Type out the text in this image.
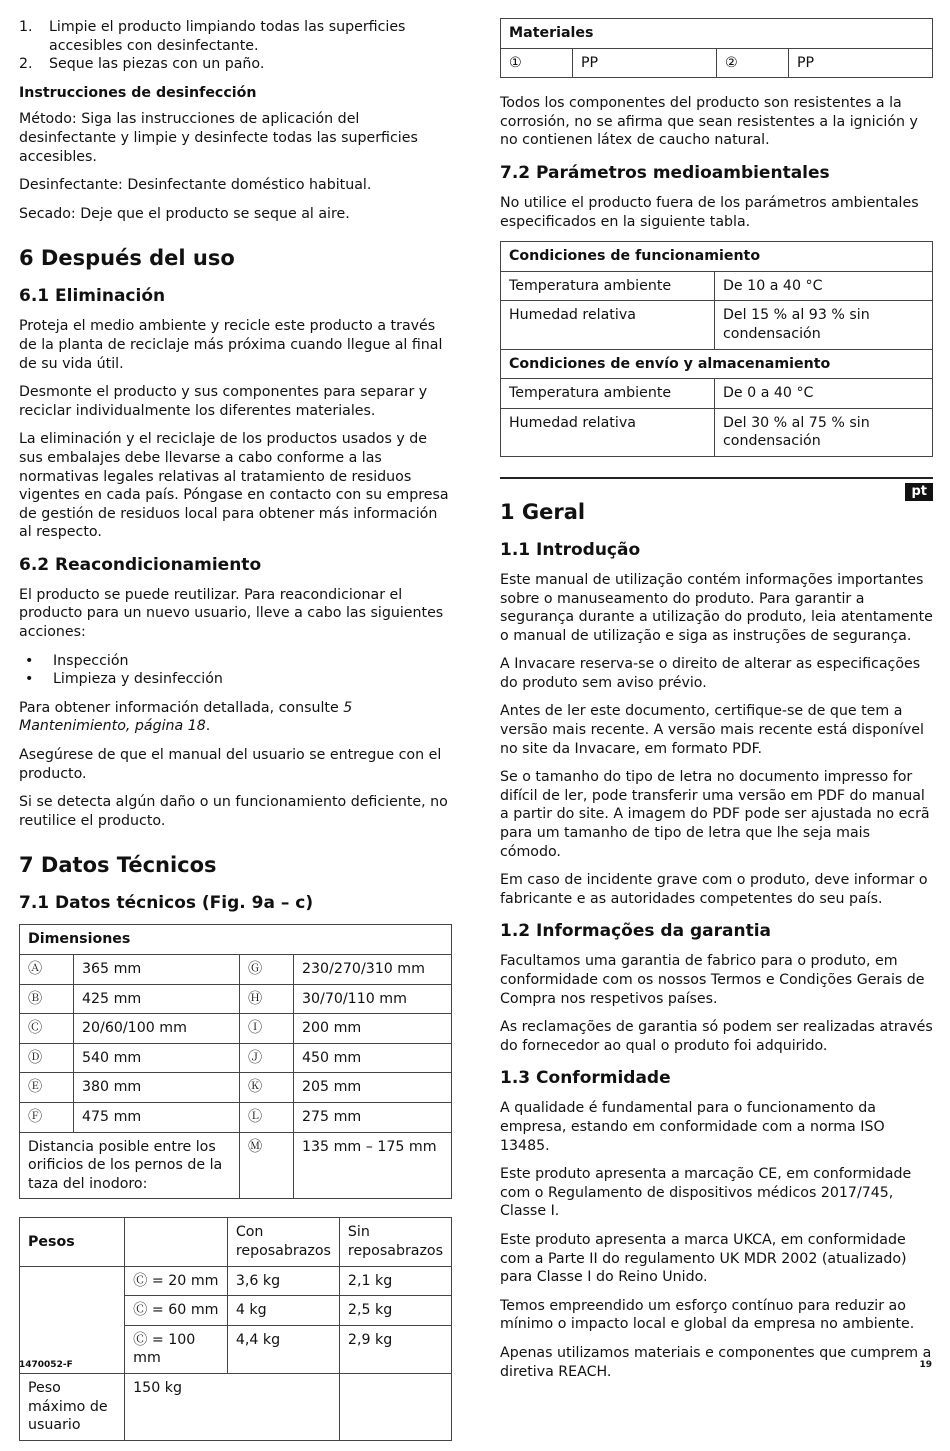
1.	Limpie el producto limpiando todas las superficies accesibles con desinfectante.
2.	Seque las piezas con un paño.
Instrucciones de desinfección

Método: Siga las instrucciones de aplicación del desinfectante y limpie y desinfecte todas las superficies accesibles.

Desinfectante: Desinfectante doméstico habitual.

Secado: Deje que el producto se seque al aire.

6 Después del uso
6.1 Eliminación

Proteja el medio ambiente y recicle este producto a través de la planta de reciclaje más próxima cuando llegue al final de su vida útil.

Desmonte el producto y sus componentes para separar y reciclar individualmente los diferentes materiales.

La eliminación y el reciclaje de los productos usados y de sus embalajes debe llevarse a cabo conforme a las normativas legales relativas al tratamiento de residuos vigentes en cada país. Póngase en contacto con su empresa de gestión de residuos local para obtener más información al respecto.

6.2 Reacondicionamiento

El producto se puede reutilizar. Para reacondicionar el producto para un nuevo usuario, lleve a cabo las siguientes acciones:

•	Inspección
•	Limpieza y desinfección

Para obtener información detallada, consulte 5 Mantenimiento, página 18.

Asegúrese de que el manual del usuario se entregue con el producto.

Si se detecta algún daño o un funcionamiento deficiente, no reutilice el producto.

7 Datos Técnicos
7.1 Datos técnicos (Fig. 9a – c)
Dimensiones			
Ⓐ	365 mm	Ⓖ	230/270/310 mm
Ⓑ	425 mm	Ⓗ	30/70/110 mm
Ⓒ	20/60/100 mm	Ⓘ	200 mm
Ⓓ	540 mm	Ⓙ	450 mm
Ⓔ	380 mm	Ⓚ	205 mm
Ⓕ	475 mm	Ⓛ	275 mm
Distancia posible entre los orificios de los pernos de la taza del inodoro:		Ⓜ	135 mm – 175 mm
Pesos		Con reposabrazos	Sin reposabrazos
	Ⓒ = 20 mm	3,6 kg	2,1 kg
	Ⓒ = 60 mm	4 kg	2,5 kg
	Ⓒ = 100 mm	4,4 kg	2,9 kg
Peso máximo de usuario	150 kg		
Materiales
①	PP	②	PP

Todos los componentes del producto son resistentes a la corrosión, no se afirma que sean resistentes a la ignición y no contienen látex de caucho natural.

7.2 Parámetros medioambientales

No utilice el producto fuera de los parámetros ambientales especificados en la siguiente tabla.

Condiciones de funcionamiento	
Temperatura ambiente	De 10 a 40 °C
Humedad relativa	Del 15 % al 93 % sin condensación
Condiciones de envío y almacenamiento	
Temperatura ambiente	De 0 a 40 °C
Humedad relativa	Del 30 % al 75 % sin condensación
pt
1 Geral
1.1 Introdução

Este manual de utilização contém informações importantes sobre o manuseamento do produto. Para garantir a segurança durante a utilização do produto, leia atentamente o manual de utilização e siga as instruções de segurança.

A Invacare reserva-se o direito de alterar as especificações do produto sem aviso prévio.

Antes de ler este documento, certifique-se de que tem a versão mais recente. A versão mais recente está disponível no site da Invacare, em formato PDF.

Se o tamanho do tipo de letra no documento impresso for difícil de ler, pode transferir uma versão em PDF do manual a partir do site. A imagem do PDF pode ser ajustada no ecrã para um tamanho de tipo de letra que lhe seja mais cómodo.

Em caso de incidente grave com o produto, deve informar o fabricante e as autoridades competentes do seu país.

1.2 Informações da garantia

Facultamos uma garantia de fabrico para o produto, em conformidade com os nossos Termos e Condições Gerais de Compra nos respetivos países.

As reclamações de garantia só podem ser realizadas através do fornecedor ao qual o produto foi adquirido.

1.3 Conformidade

A qualidade é fundamental para o funcionamento da empresa, estando em conformidade com a norma ISO 13485.

Este produto apresenta a marcação CE, em conformidade com o Regulamento de dispositivos médicos 2017/745, Classe I.

Este produto apresenta a marca UKCA, em conformidade com a Parte II do regulamento UK MDR 2002 (atualizado) para Classe I do Reino Unido.

Temos empreendido um esforço contínuo para reduzir ao mínimo o impacto local e global da empresa no ambiente.

Apenas utilizamos materiais e componentes que cumprem a diretiva REACH.

1470052-F	19
